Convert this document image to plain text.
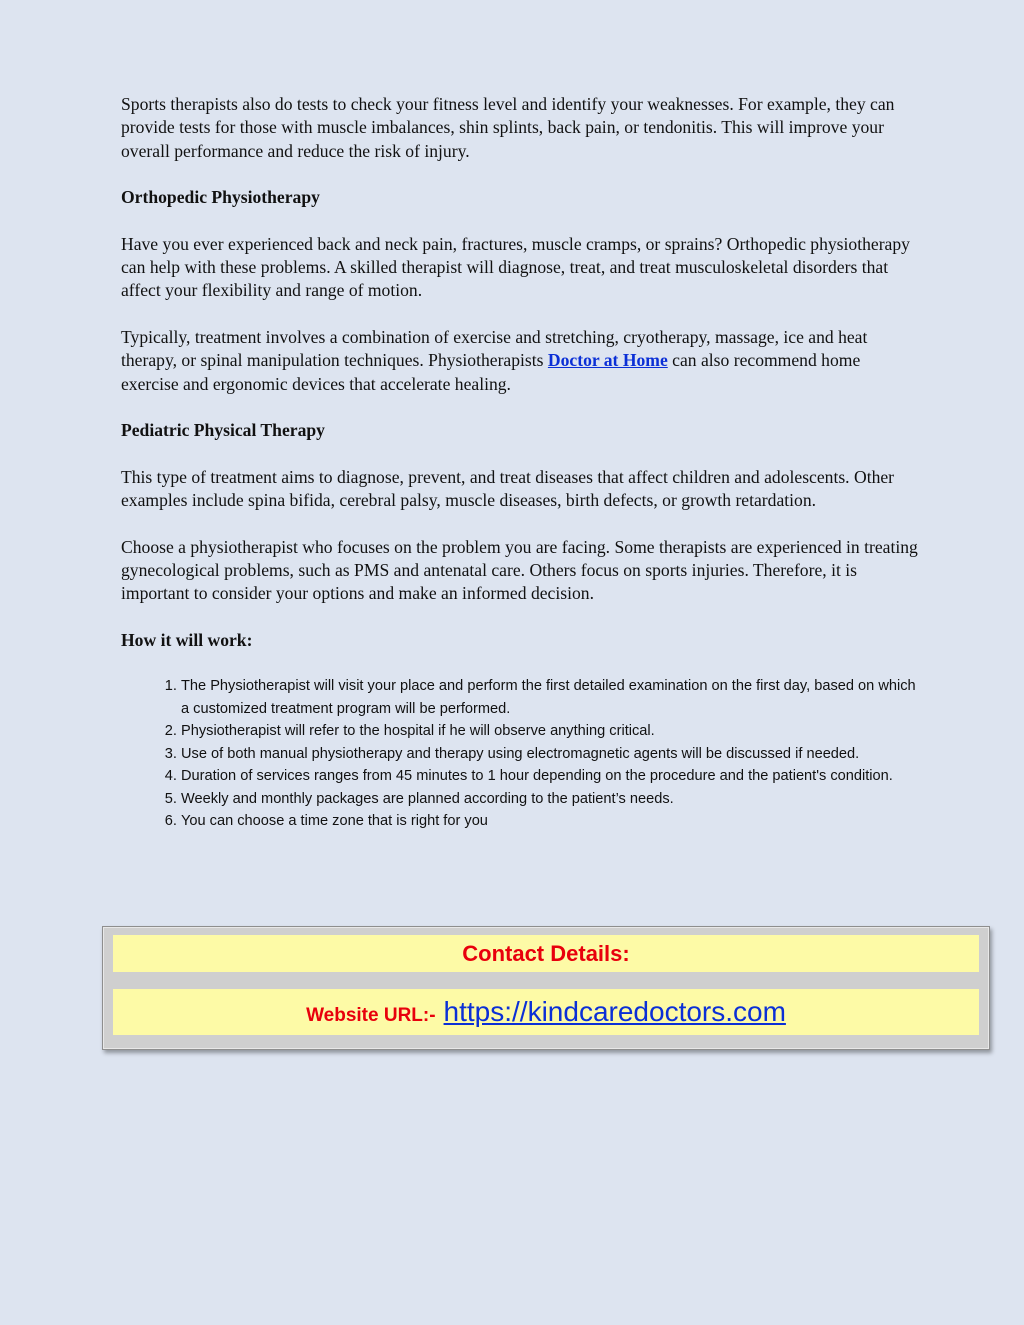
Sports therapists also do tests to check your fitness level and identify your weaknesses. For example, they can provide tests for those with muscle imbalances, shin splints, back pain, or tendonitis. This will improve your overall performance and reduce the risk of injury.

Orthopedic Physiotherapy

Have you ever experienced back and neck pain, fractures, muscle cramps, or sprains? Orthopedic physiotherapy can help with these problems. A skilled therapist will diagnose, treat, and treat musculoskeletal disorders that affect your flexibility and range of motion.

Typically, treatment involves a combination of exercise and stretching, cryotherapy, massage, ice and heat therapy, or spinal manipulation techniques. Physiotherapists Doctor at Home can also recommend home exercise and ergonomic devices that accelerate healing.

Pediatric Physical Therapy

This type of treatment aims to diagnose, prevent, and treat diseases that affect children and adolescents. Other examples include spina bifida, cerebral palsy, muscle diseases, birth defects, or growth retardation.

Choose a physiotherapist who focuses on the problem you are facing. Some therapists are experienced in treating gynecological problems, such as PMS and antenatal care. Others focus on sports injuries. Therefore, it is important to consider your options and make an informed decision.

How it will work:
1. The Physiotherapist will visit your place and perform the first detailed examination on the first day, based on which a customized treatment program will be performed.
2. Physiotherapist will refer to the hospital if he will observe anything critical.
3. Use of both manual physiotherapy and therapy using electromagnetic agents will be discussed if needed.
4. Duration of services ranges from 45 minutes to 1 hour depending on the procedure and the patient's condition.
5. Weekly and monthly packages are planned according to the patient’s needs.
6. You can choose a time zone that is right for you
Contact Details:
Website URL:- https://kindcaredoctors.com
